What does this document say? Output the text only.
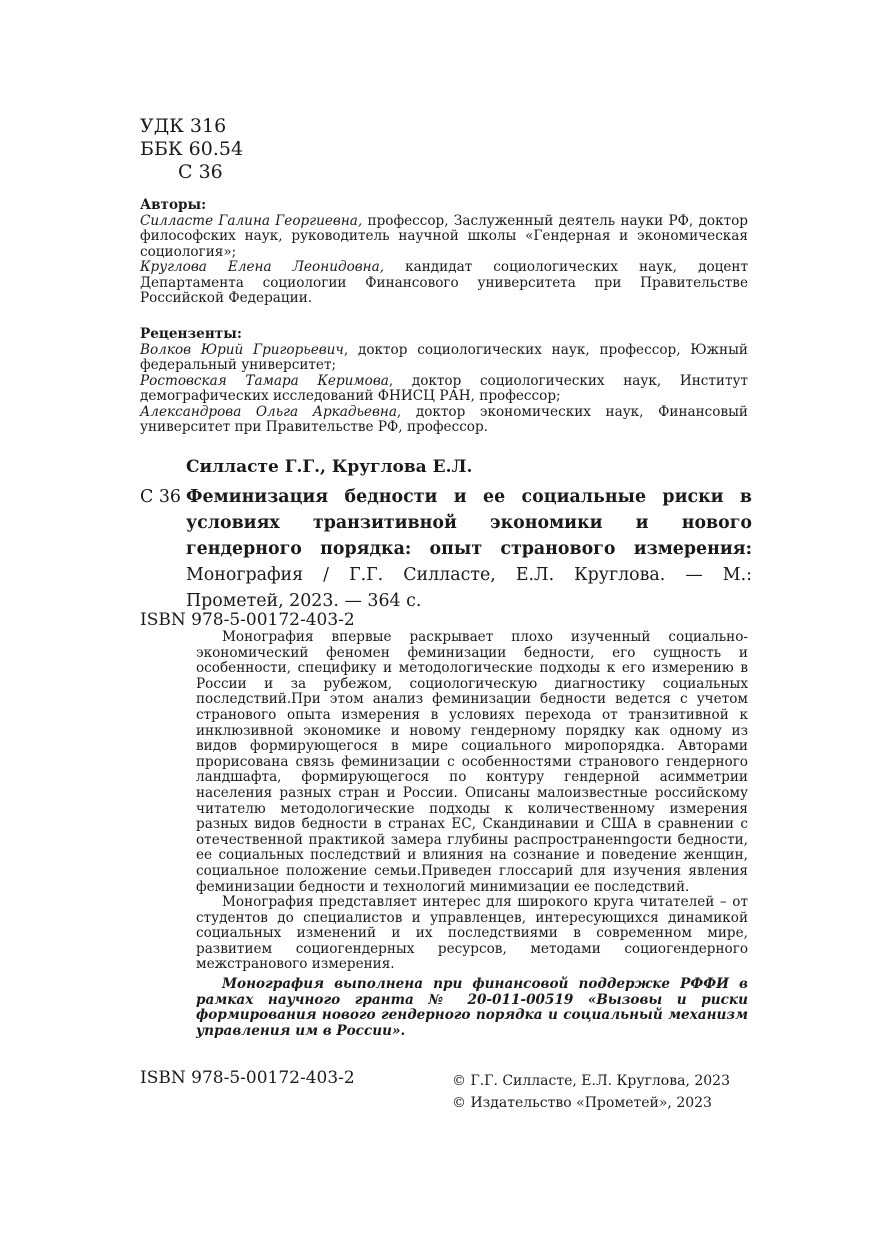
УДК 316
ББК 60.54
С 36
Авторы:
Силласте Галина Георгиевна, профессор, Заслуженный деятель науки РФ, доктор философских наук, руководитель научной школы «Гендерная и экономическая социология»;
Круглова Елена Леонидовна, кандидат социологических наук, доцент Департамента социологии Финансового университета при Правительстве Российской Федерации.
Рецензенты:
Волков Юрий Григорьевич, доктор социологических наук, профессор, Южный федеральный университет;
Ростовская Тамара Керимова, доктор социологических наук, Институт демографических исследований ФНИСЦ РАН, профессор;
Александрова Ольга Аркадьевна, доктор экономических наук, Финансовый университет при Правительстве РФ, профессор.
Силласте Г.Г., Круглова Е.Л.
С 36 Феминизация бедности и ее социальные риски в условиях транзитивной экономики и нового гендерного порядка: опыт странового измерения: Монография / Г.Г. Силласте, Е.Л. Круглова. — М.: Прометей, 2023. — 364 с.
ISBN 978-5-00172-403-2

Монография впервые раскрывает плохо изученный социально-экономический феномен феминизации бедности, его сущность и особенности, специфику и методологические подходы к его измерению в России и за рубежом, социологическую диагностику социальных последствий.При этом анализ феминизации бедности ведется с учетом странового опыта измерения в условиях перехода от транзитивной к инклюзивной экономике и новому гендерному порядку как одному из видов формирующегося в мире социального миропорядка. Авторами прорисована связь феминизации с особенностями странового гендерного ландшафта, формирующегося по контуру гендерной асимметрии населения разных стран и России. Описаны малоизвестные российскому читателю методологические подходы к количественному измерения разных видов бедности в странах ЕС, Скандинавии и США в сравнении с отечественной практикой замера глубины распространенngости бедности, ее социальных последствий и влияния на сознание и поведение женщин, социальное положение семьи.Приведен глоссарий для изучения явления феминизации бедности и технологий минимизации ее последствий.

Монография представляет интерес для широкого круга читателей – от студентов до специалистов и управленцев, интересующихся динамикой социальных изменений и их последствиями в современном мире, развитием социогендерных ресурсов, методами социогендерного межстранового измерения.

Монография выполнена при финансовой поддержке РФФИ в рамках научного гранта № 20-011-00519 «Вызовы и риски формирования нового гендерного порядка и социальный механизм управления им в России».

ISBN 978-5-00172-403-2	© Г.Г. Силласте, Е.Л. Круглова, 2023
© Издательство «Прометей», 2023
